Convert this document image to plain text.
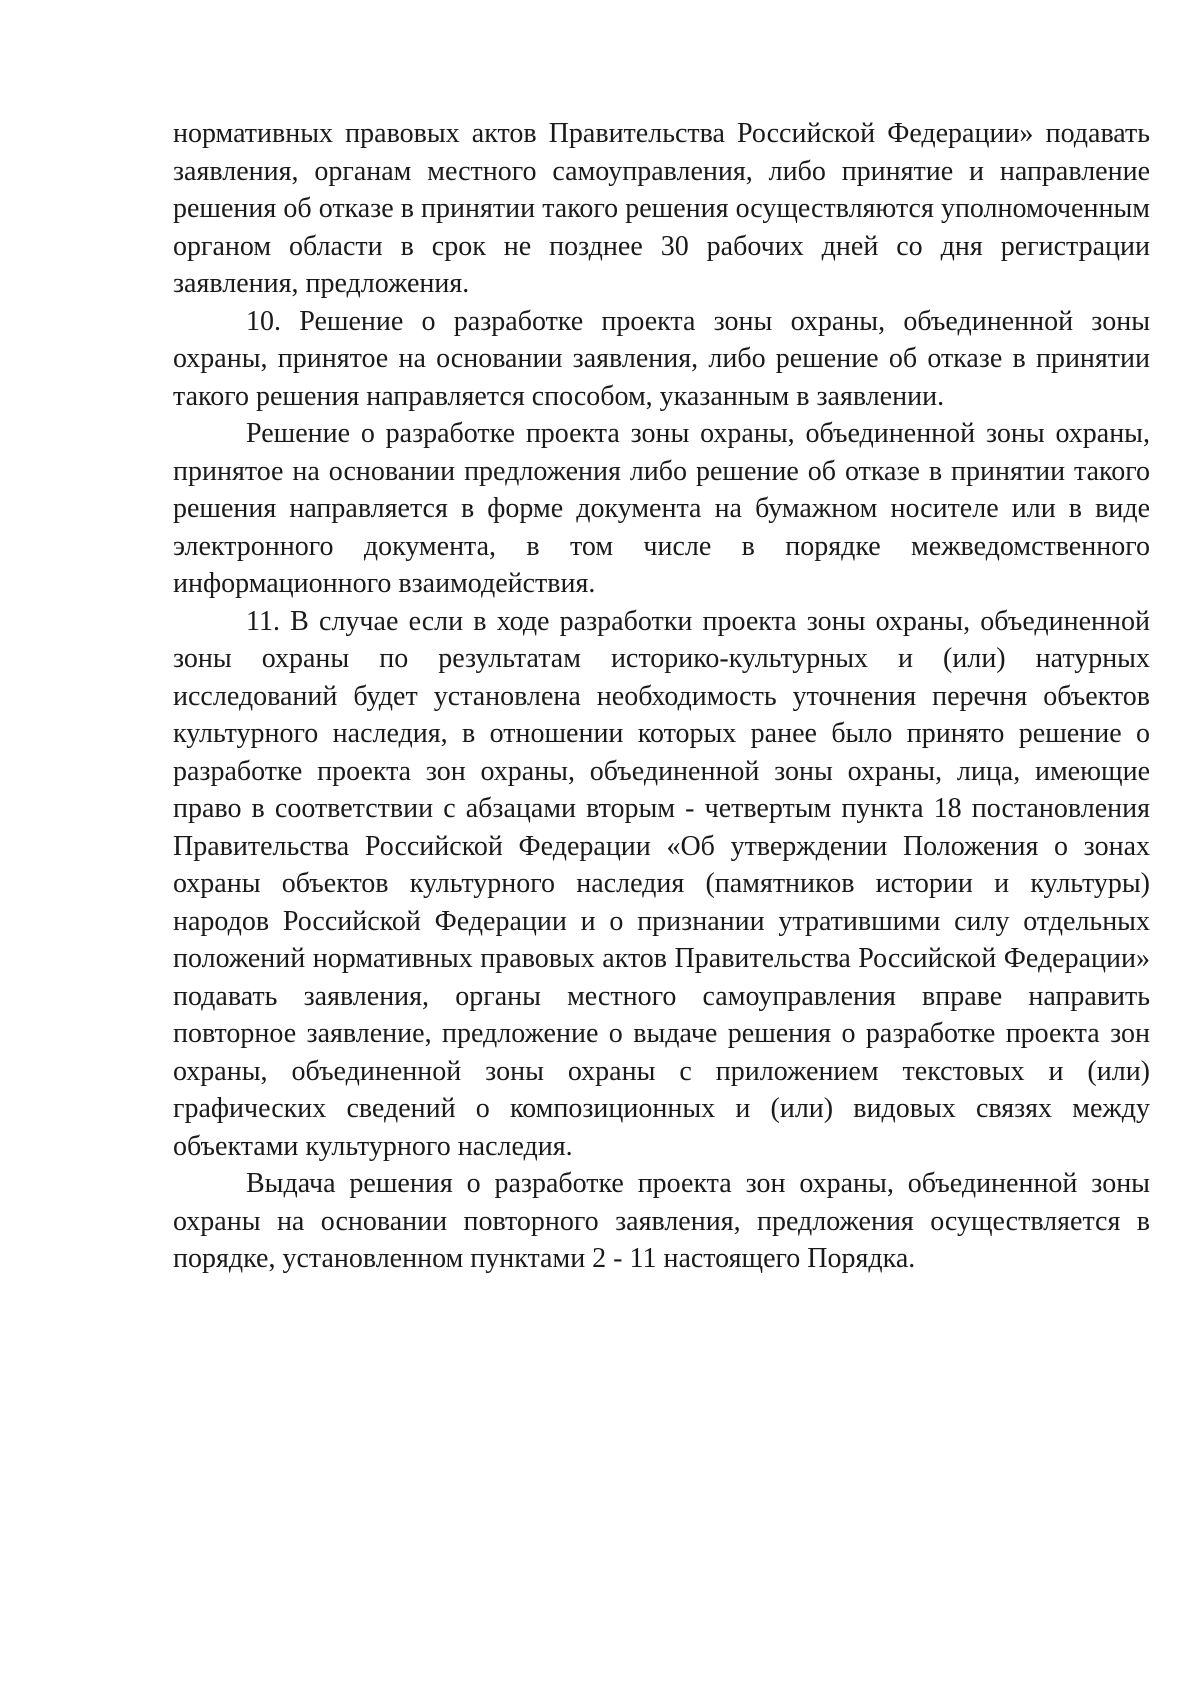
нормативных правовых актов Правительства Российской Федерации» подавать заявления, органам местного самоуправления, либо принятие и направление решения об отказе в принятии такого решения осуществляются уполномоченным органом области в срок не позднее 30 рабочих дней со дня регистрации заявления, предложения.

10. Решение о разработке проекта зоны охраны, объединенной зоны охраны, принятое на основании заявления, либо решение об отказе в принятии такого решения направляется способом, указанным в заявлении.

Решение о разработке проекта зоны охраны, объединенной зоны охраны, принятое на основании предложения либо решение об отказе в принятии такого решения направляется в форме документа на бумажном носителе или в виде электронного документа, в том числе в порядке межведомственного информационного взаимодействия.

11. В случае если в ходе разработки проекта зоны охраны, объединенной зоны охраны по результатам историко-культурных и (или) натурных исследований будет установлена необходимость уточнения перечня объектов культурного наследия, в отношении которых ранее было принято решение о разработке проекта зон охраны, объединенной зоны охраны, лица, имеющие право в соответствии с абзацами вторым - четвертым пункта 18 постановления Правительства Российской Федерации «Об утверждении Положения о зонах охраны объектов культурного наследия (памятников истории и культуры) народов Российской Федерации и о признании утратившими силу отдельных положений нормативных правовых актов Правительства Российской Федерации» подавать заявления, органы местного самоуправления вправе направить повторное заявление, предложение о выдаче решения о разработке проекта зон охраны, объединенной зоны охраны с приложением текстовых и (или) графических сведений о композиционных и (или) видовых связях между объектами культурного наследия.

Выдача решения о разработке проекта зон охраны, объединенной зоны охраны на основании повторного заявления, предложения осуществляется в порядке, установленном пунктами 2 - 11 настоящего Порядка.
